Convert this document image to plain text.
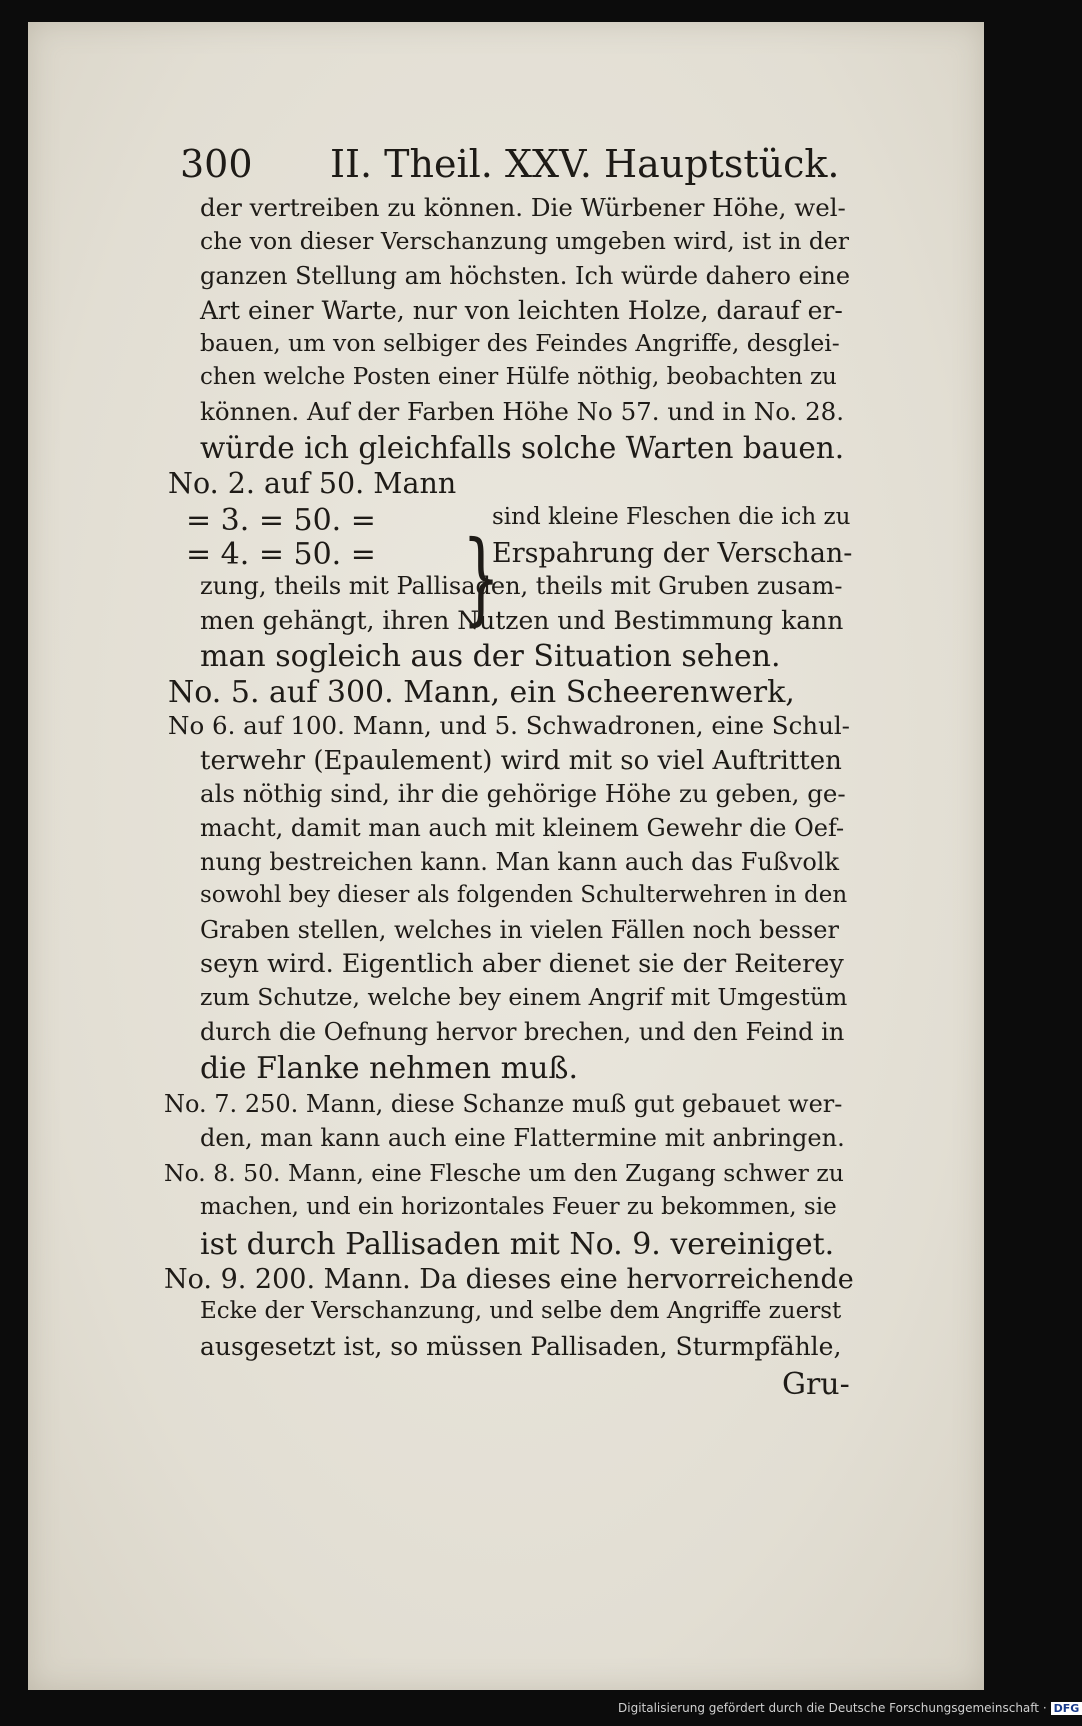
300 II. Theil. XXV. Hauptstück.
der vertreiben zu können. Die Würbener Höhe, wel-
che von dieser Verschanzung umgeben wird, ist in der
ganzen Stellung am höchsten. Ich würde dahero eine
Art einer Warte, nur von leichten Holze, darauf er-
bauen, um von selbiger des Feindes Angriffe, desglei-
chen welche Posten einer Hülfe nöthig, beobachten zu
können. Auf der Farben Höhe No 57. und in No. 28.
würde ich gleichfalls solche Warten bauen.
No. 2. auf 50. Mann
= 3. = 50. = }
sind kleine Fleschen die ich zu
= 4. = 50. =	Erspahrung der Verschan-
zung, theils mit Pallisaden, theils mit Gruben zusam-
men gehängt, ihren Nutzen und Bestimmung kann
man sogleich aus der Situation sehen.
No. 5. auf 300. Mann, ein Scheerenwerk,
No 6. auf 100. Mann, und 5. Schwadronen, eine Schul-
terwehr (Epaulement) wird mit so viel Auftritten
als nöthig sind, ihr die gehörige Höhe zu geben, ge-
macht, damit man auch mit kleinem Gewehr die Oef-
nung bestreichen kann. Man kann auch das Fußvolk
sowohl bey dieser als folgenden Schulterwehren in den
Graben stellen, welches in vielen Fällen noch besser
seyn wird. Eigentlich aber dienet sie der Reiterey
zum Schutze, welche bey einem Angrif mit Umgestüm
durch die Oefnung hervor brechen, und den Feind in
die Flanke nehmen muß.
No. 7. 250. Mann, diese Schanze muß gut gebauet wer-
den, man kann auch eine Flattermine mit anbringen.
No. 8. 50. Mann, eine Flesche um den Zugang schwer zu
machen, und ein horizontales Feuer zu bekommen, sie
ist durch Pallisaden mit No. 9. vereiniget.
No. 9. 200. Mann. Da dieses eine hervorreichende
Ecke der Verschanzung, und selbe dem Angriffe zuerst
ausgesetzt ist, so müssen Pallisaden, Sturmpfähle,
Gru-
Digitalisierung gefördert durch die Deutsche Forschungsgemeinschaft · DFG
